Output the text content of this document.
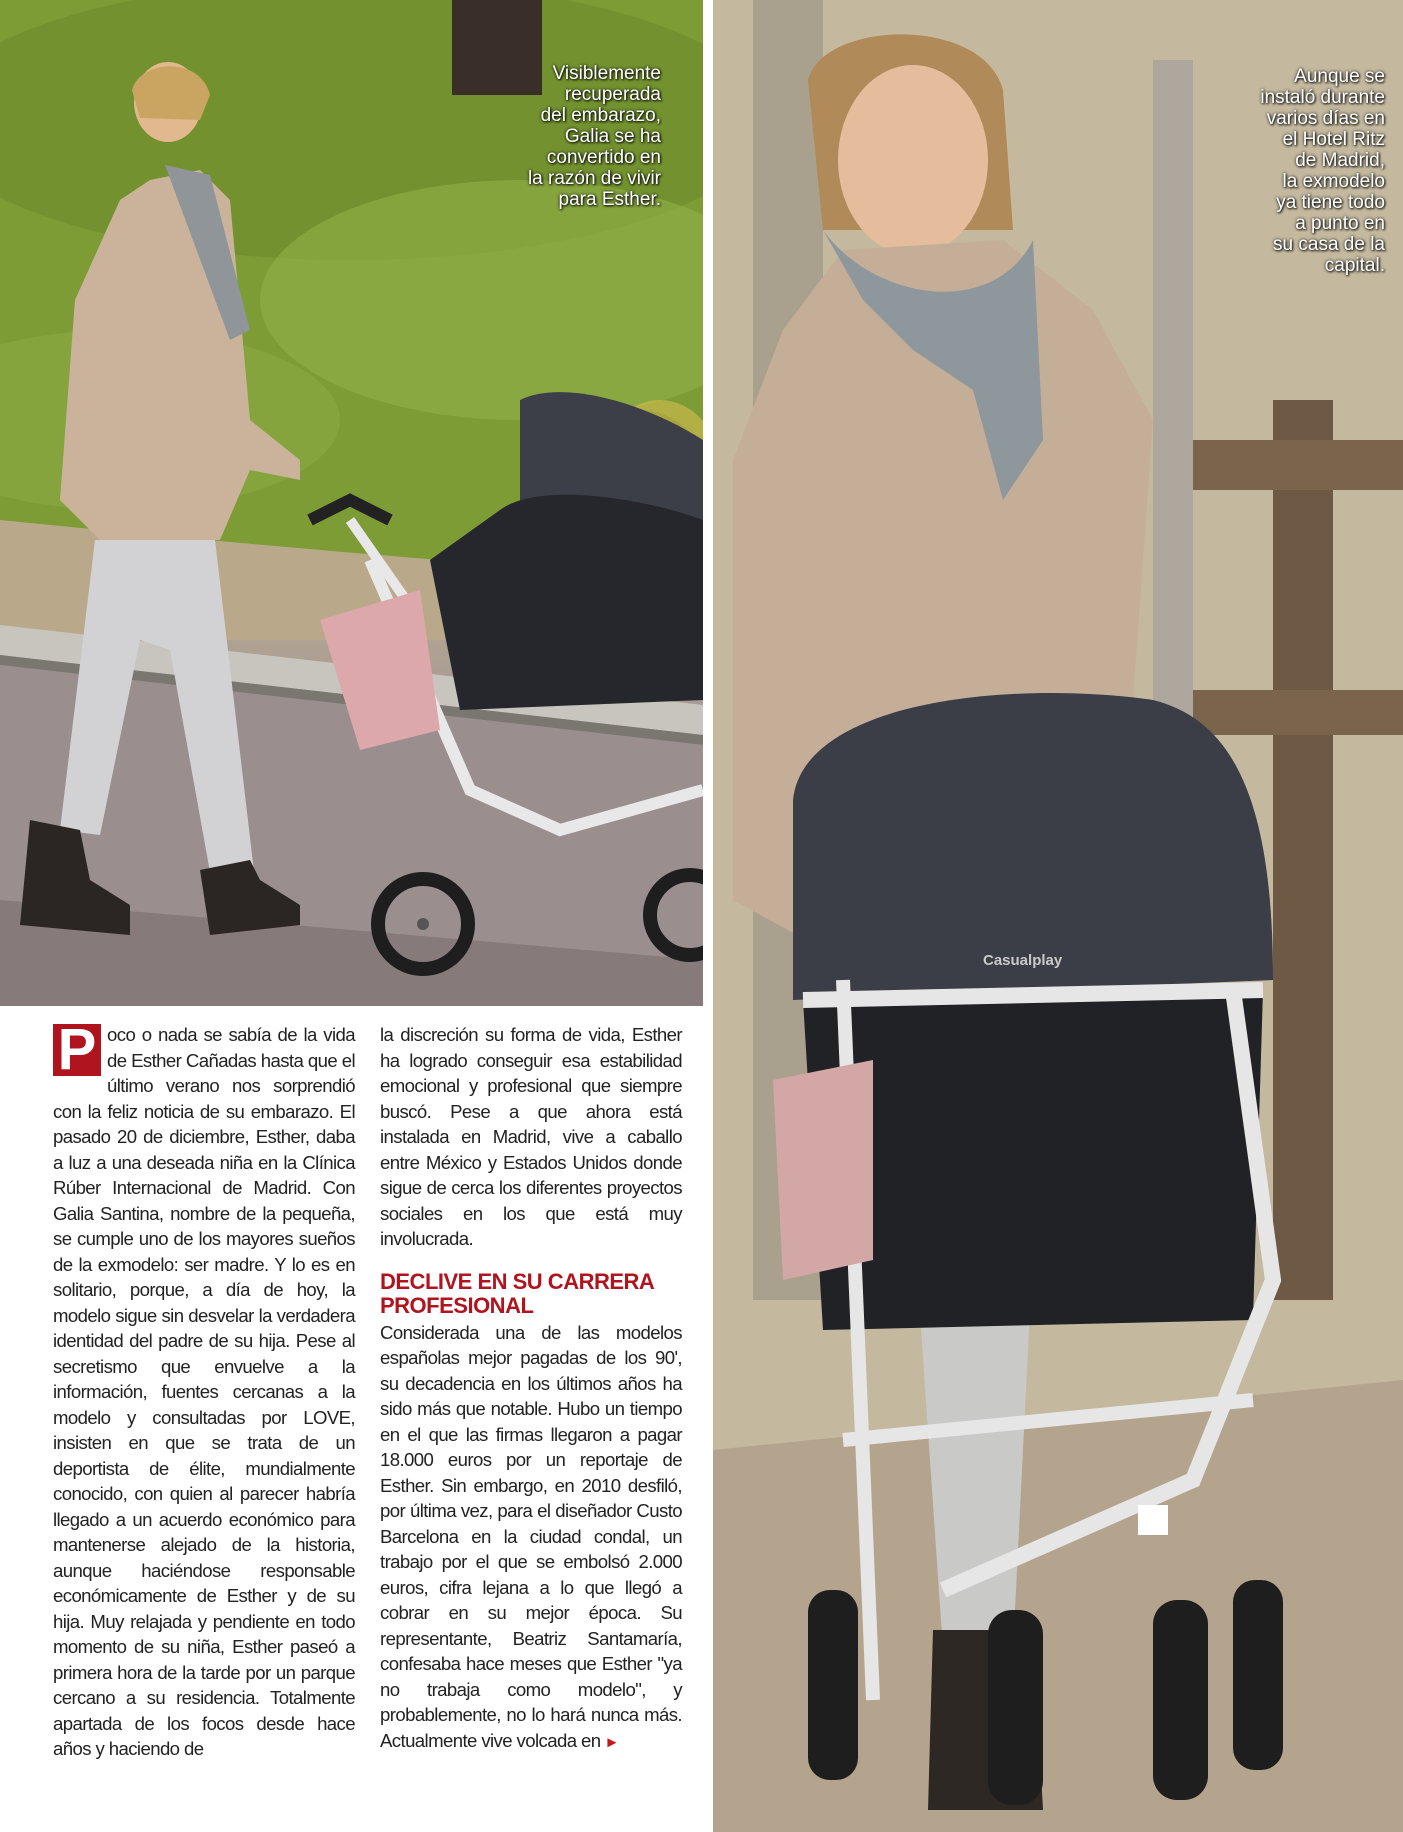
Visiblemente
recuperada
del embarazo,
Galia se ha
convertido en
la razón de vivir
para Esther.
Casualplay
Aunque se
instaló durante
varios días en
el Hotel Ritz
de Madrid,
la exmodelo
ya tiene todo
a punto en
su casa de la
capital.

P oco o nada se sabía de la vida de Esther Cañadas hasta que el último verano nos sorprendió con la feliz noticia de su embarazo. El pasado 20 de diciembre, Esther, daba a luz a una deseada niña en la Clínica Rúber Internacional de Madrid. Con Galia Santina, nombre de la pequeña, se cumple uno de los mayores sueños de la exmodelo: ser madre. Y lo es en solitario, porque, a día de hoy, la modelo sigue sin desvelar la verdadera identidad del padre de su hija. Pese al secretismo que envuelve a la información, fuentes cercanas a la modelo y consultadas por LOVE, insisten en que se trata de un deportista de élite, mundialmente conocido, con quien al parecer habría llegado a un acuerdo económico para mantenerse alejado de la historia, aunque haciéndose responsable económicamente de Esther y de su hija. Muy relajada y pendiente en todo momento de su niña, Esther paseó a primera hora de la tarde por un parque cercano a su residencia. Totalmente apartada de los focos desde hace años y haciendo de

la discreción su forma de vida, Esther ha logrado conseguir esa estabilidad emocional y profesional que siempre buscó. Pese a que ahora está instalada en Madrid, vive a caballo entre México y Estados Unidos donde sigue de cerca los diferentes proyectos sociales en los que está muy involucrada.

DECLIVE EN SU CARRERA PROFESIONAL

Considerada una de las modelos españolas mejor pagadas de los 90', su decadencia en los últimos años ha sido más que notable. Hubo un tiempo en el que las firmas llegaron a pagar 18.000 euros por un reportaje de Esther. Sin embargo, en 2010 desfiló, por última vez, para el diseñador Custo Barcelona en la ciudad condal, un trabajo por el que se embolsó 2.000 euros, cifra lejana a lo que llegó a cobrar en su mejor época. Su representante, Beatriz Santamaría, confesaba hace meses que Esther "ya no trabaja como modelo", y probablemente, no lo hará nunca más. Actualmente vive volcada en ►
